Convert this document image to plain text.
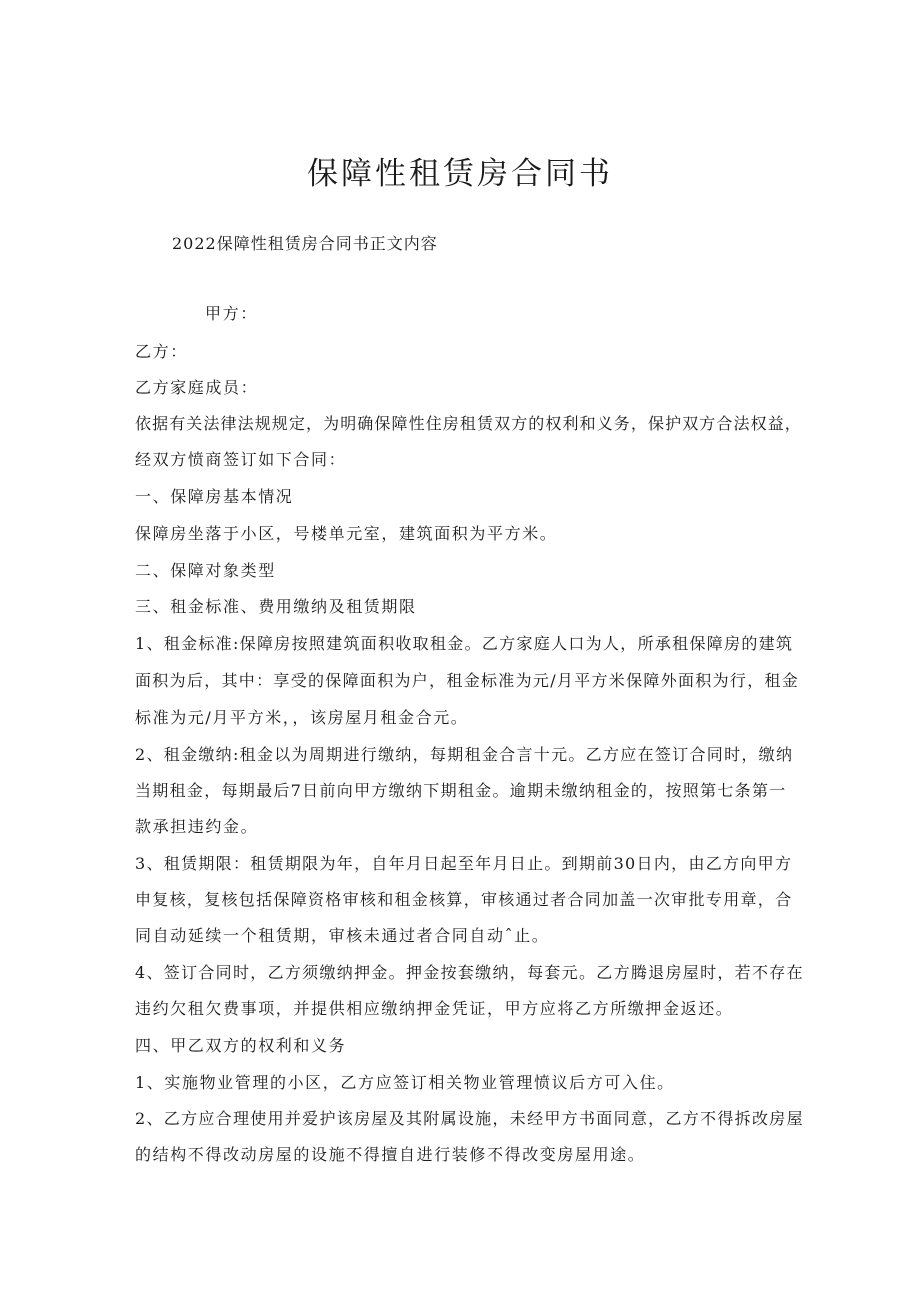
保障性租赁房合同书
2022保障性租赁房合同书正文内容
甲方：
乙方：
乙方家庭成员：
依据有关法律法规规定，为明确保障性住房租赁双方的权利和义务，保护双方合法权益，
经双方愤商签订如下合同：
一、保障房基本情况
保障房坐落于小区，号楼单元室，建筑面积为平方米。
二、保障对象类型
三、租金标准、费用缴纳及租赁期限
1、租金标准:保障房按照建筑面积收取租金。乙方家庭人口为人，所承租保障房的建筑
面积为后，其中：享受的保障面积为户，租金标准为元/月平方米保障外面积为行，租金
标准为元/月平方米，，该房屋月租金合元。
2、租金缴纳:租金以为周期进行缴纳，每期租金合言十元。乙方应在签订合同时，缴纳
当期租金，每期最后7日前向甲方缴纳下期租金。逾期未缴纳租金的，按照第七条第一
款承担违约金。
3、租赁期限：租赁期限为年，自年月日起至年月日止。到期前30日内，由乙方向甲方
申复核，复核包括保障资格审核和租金核算，审核通过者合同加盖一次审批专用章，合
同自动延续一个租赁期，审核未通过者合同自动ˆ止。
4、签订合同时，乙方须缴纳押金。押金按套缴纳，每套元。乙方腾退房屋时，若不存在
违约欠租欠费事项，并提供相应缴纳押金凭证，甲方应将乙方所缴押金返还。
四、甲乙双方的权利和义务
1、实施物业管理的小区，乙方应签订相关物业管理愤议后方可入住。
2、乙方应合理使用并爱护该房屋及其附属设施，未经甲方书面同意，乙方不得拆改房屋
的结构不得改动房屋的设施不得擅自进行装修不得改变房屋用途。
